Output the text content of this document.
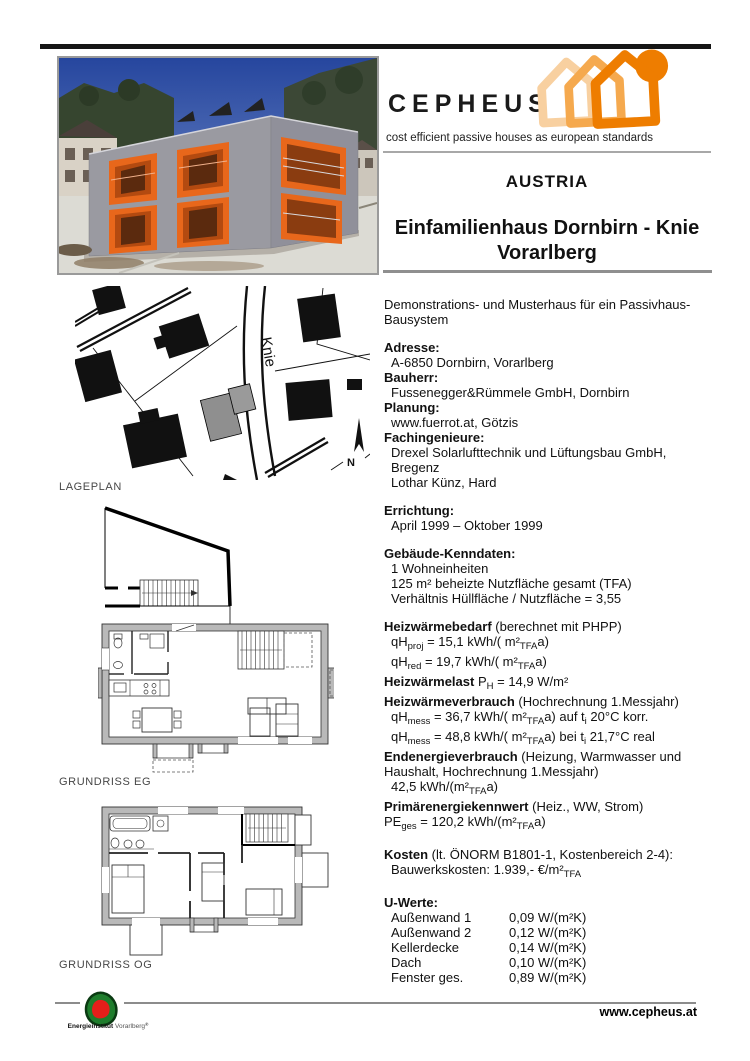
CEPHEUS
cost efficient passive houses as european standards
AUSTRIA
Einfamilienhaus Dornbirn - Knie
Vorarlberg
Knie
N
LAGEPLAN
GRUNDRISS EG
GRUNDRISS OG
Demonstrations- und Musterhaus für ein Passivhaus-
Bausystem
Adresse:
A-6850 Dornbirn, Vorarlberg
Bauherr:
Fussenegger&Rümmele GmbH, Dornbirn
Planung:
www.fuerrot.at, Götzis
Fachingenieure:
Drexel Solarlufttechnik und Lüftungsbau GmbH,
Bregenz
Lothar Künz, Hard
Errichtung:
April 1999 – Oktober 1999
Gebäude-Kenndaten:
1 Wohneinheiten
125 m² beheizte Nutzfläche gesamt (TFA)
Verhältnis Hüllfläche / Nutzfläche = 3,55
Heizwärmebedarf (berechnet mit PHPP)
$qH_{proj} = 15,1$ kWh/( $m^2_{TFA}a$)
$qH_{red} = 19,7$ kWh/( $m^2_{TFA}a$)
Heizwärmelast $P_H = 14,9$ W/m²
Heizwärmeverbrauch (Hochrechnung 1.Messjahr)
$qH_{mess} = 36,7$ kWh/( $m^2_{TFA}a$) auf $t_i$ 20°C korr.
$qH_{mess} = 48,8$ kWh/( $m^2_{TFA}a$) bei $t_i$ 21,7°C real
Endenergieverbrauch (Heizung, Warmwasser und
Haushalt, Hochrechnung 1.Messjahr)
42,5 kWh/$(m^2_{TFA}a)$
Primärenergiekennwert (Heiz., WW, Strom)
$PE_{ges} = 120,2$ kWh/$(m^2_{TFA}a)$
Kosten (lt. ÖNORM B1801-1, Kostenbereich 2-4):
Bauwerkskosten: 1.939,- $€/m^2_{TFA}$
U-Werte:
Außenwand 1	0,09 W/(m²K)
Außenwand 2	0,12 W/(m²K)
Kellerdecke	0,14 W/(m²K)
Dach	0,10 W/(m²K)
Fenster ges.	0,89 W/(m²K)
Energieinstitut Vorarlberg®
www.cepheus.at
